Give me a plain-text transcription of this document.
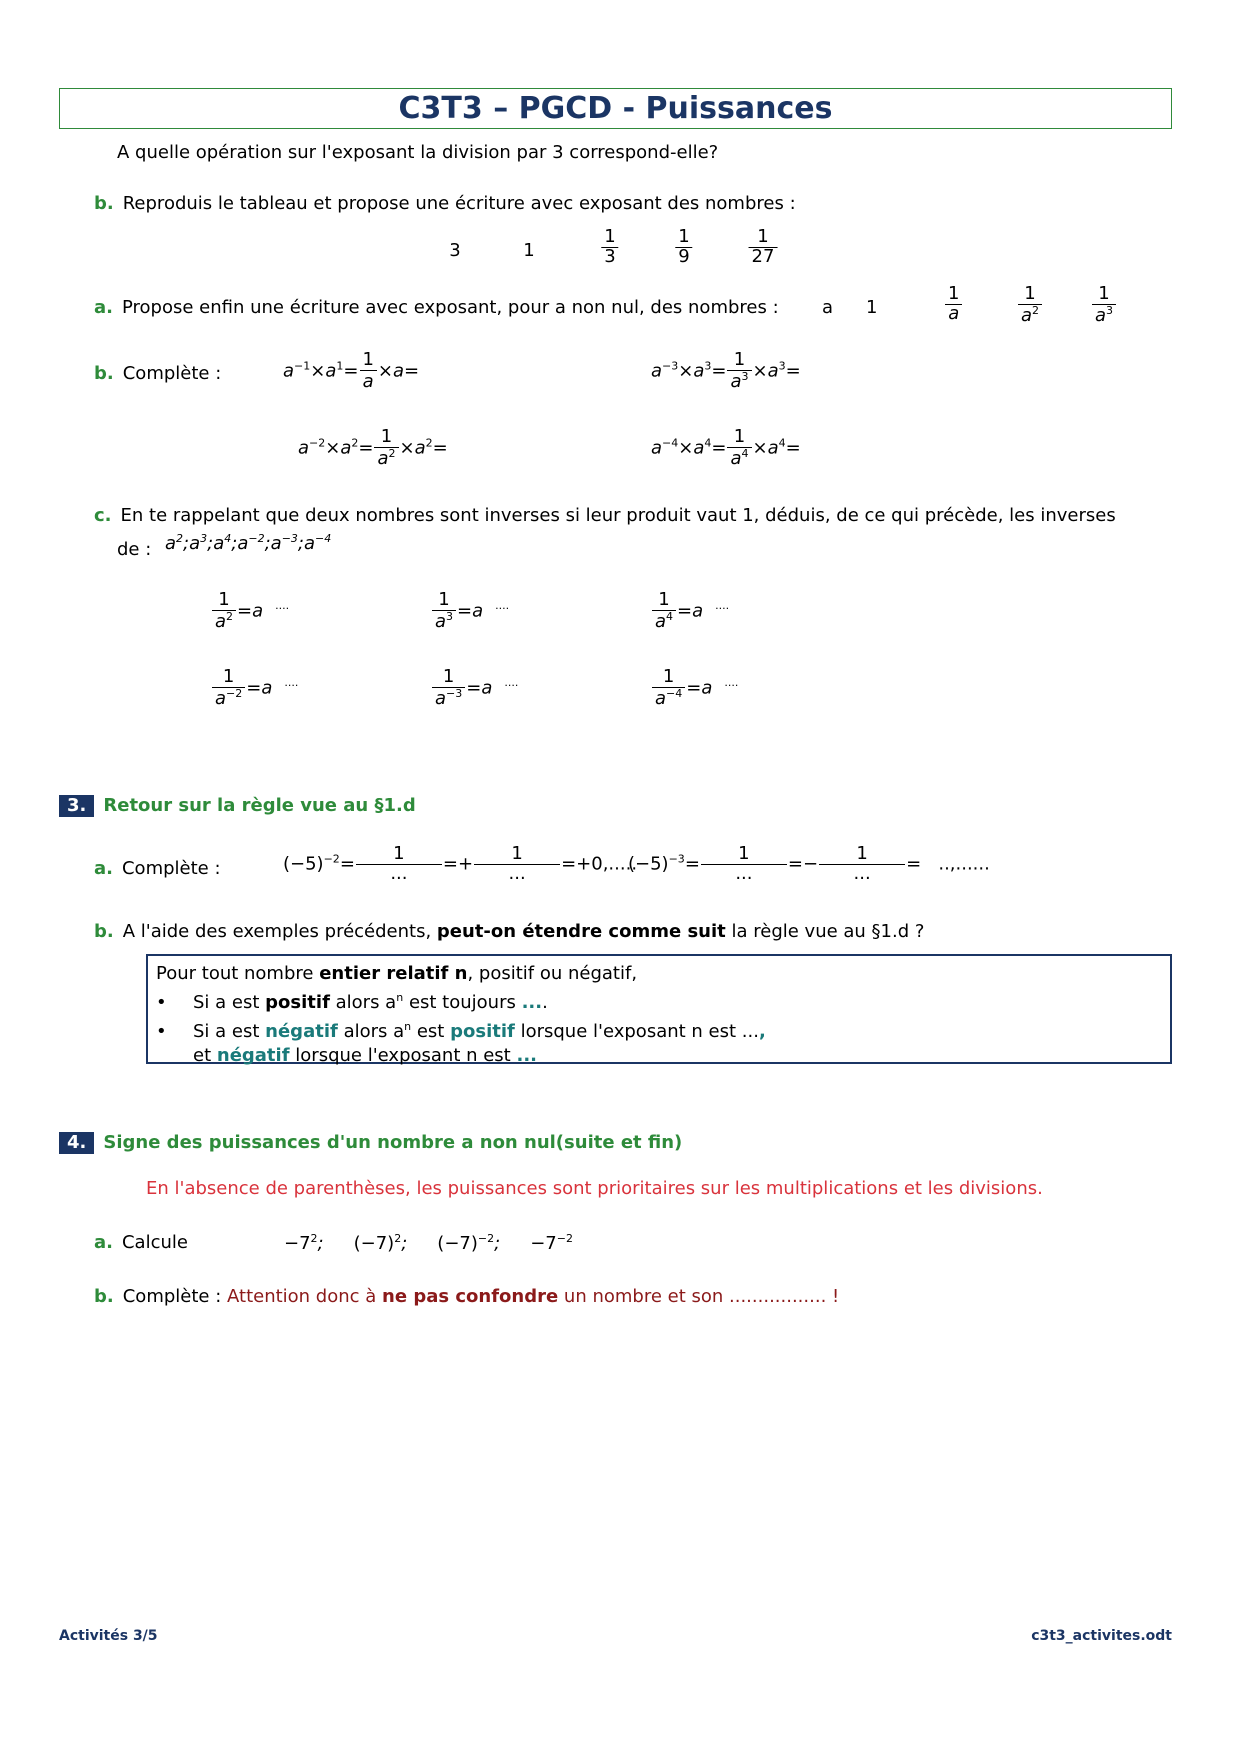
C3T3 – PGCD - Puissances
A quelle opération sur l'exposant la division par 3 correspond-elle?
b. Reproduis le tableau et propose une écriture avec exposant des nombres :
3	1	$\frac{1}{3}$	$\frac{1}{9}$	$\frac{1}{27}$
a. Propose enfin une écriture avec exposant, pour a non nul, des nombres : a 1	$\frac{1}{a}$	$\frac{1}{a^2}$	$\frac{1}{a^3}$
b. Complète :	$a^{-1}\times a^1= \frac{1}{a} \times a=$	$a^{-3}\times a^3= \frac{1}{a^3} \times a^3=$
$a^{-2}\times a^2= \frac{1}{a^2} \times a^2=$	$a^{-4}\times a^4= \frac{1}{a^4} \times a^4=$
c. En te rappelant que deux nombres sont inverses si leur produit vaut 1, déduis, de ce qui précède, les inverses
de : $a^2;a^3;a^4;a^{-2};a^{-3};a^{-4}$
$\frac{1}{a^2} =a$ ....	$\frac{1}{a^3} =a$ ....	$\frac{1}{a^4} =a$ ....
$\frac{1}{a^{-2}} =a$ ....	$\frac{1}{a^{-3}} =a$ ....	$\frac{1}{a^{-4}} =a$ ....
3. Retour sur la règle vue au §1.d
a. Complète :	$(-5)^{-2}= \frac{1}{...} =+ \frac{1}{...} =+0$,.....
$(-5)^{-3}= \frac{1}{...} =- \frac{1}{...}$ =   ..,......
b. A l'aide des exemples précédents, peut-on étendre comme suit la règle vue au §1.d ?
Pour tout nombre entier relatif n, positif ou négatif,
• Si a est positif alors $a^n$ est toujours ....
• Si a est négatif alors $a^n$ est positif lorsque l'exposant n est ...,
et négatif lorsque l'exposant n est ...
4. Signe des puissances d'un nombre a non nul(suite et fin)
En l'absence de parenthèses, les puissances sont prioritaires sur les multiplications et les divisions.
a. Calcule	$-7^2$; $(-7)^2$; $(-7)^{-2}$; $-7^{-2}$
b. Complète : Attention donc à ne pas confondre un nombre et son ................. !
Activités 3/5	c3t3_activites.odt
